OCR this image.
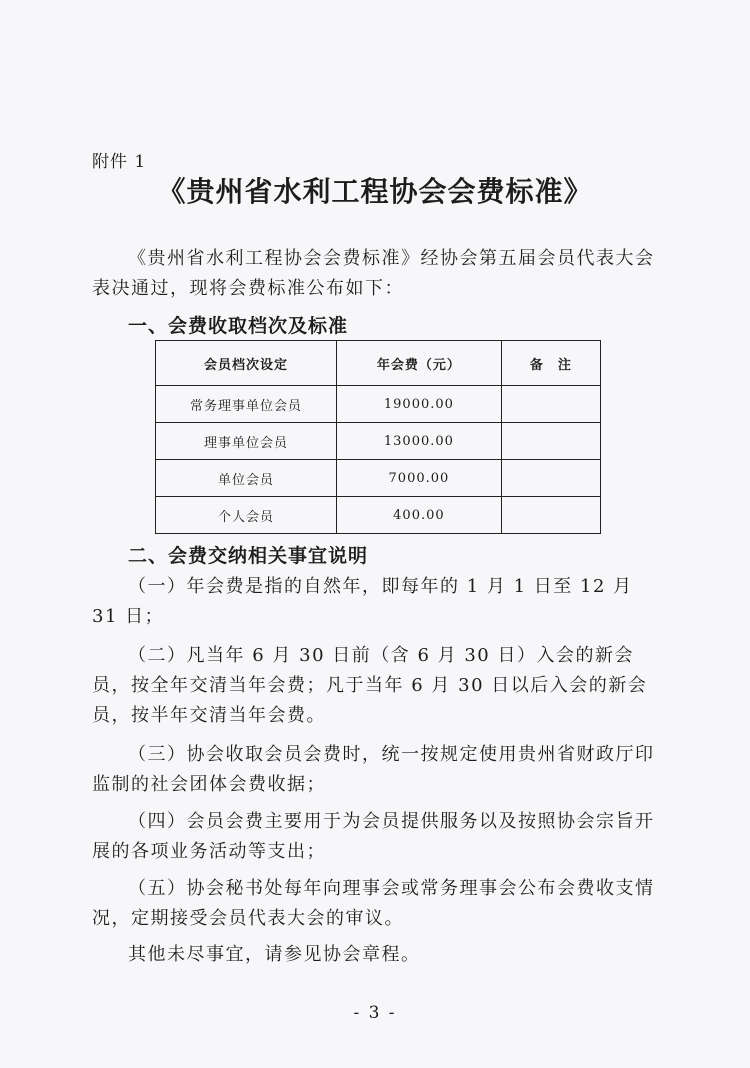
附件 1
《贵州省水利工程协会会费标准》
《贵州省水利工程协会会费标准》经协会第五届会员代表大会表决通过，现将会费标准公布如下：
一、会费收取档次及标准
会员档次设定	年会费（元）	备　注
常务理事单位会员	19000.00	
理事单位会员	13000.00	
单位会员	7000.00	
个人会员	400.00	
二、会费交纳相关事宜说明
（一）年会费是指的自然年，即每年的 1 月 1 日至 12 月 31 日；
（二）凡当年 6 月 30 日前（含 6 月 30 日）入会的新会员，按全年交清当年会费；凡于当年 6 月 30 日以后入会的新会员，按半年交清当年会费。
（三）协会收取会员会费时，统一按规定使用贵州省财政厅印监制的社会团体会费收据；
（四）会员会费主要用于为会员提供服务以及按照协会宗旨开展的各项业务活动等支出；
（五）协会秘书处每年向理事会或常务理事会公布会费收支情况，定期接受会员代表大会的审议。
其他未尽事宜，请参见协会章程。
- 3 -
